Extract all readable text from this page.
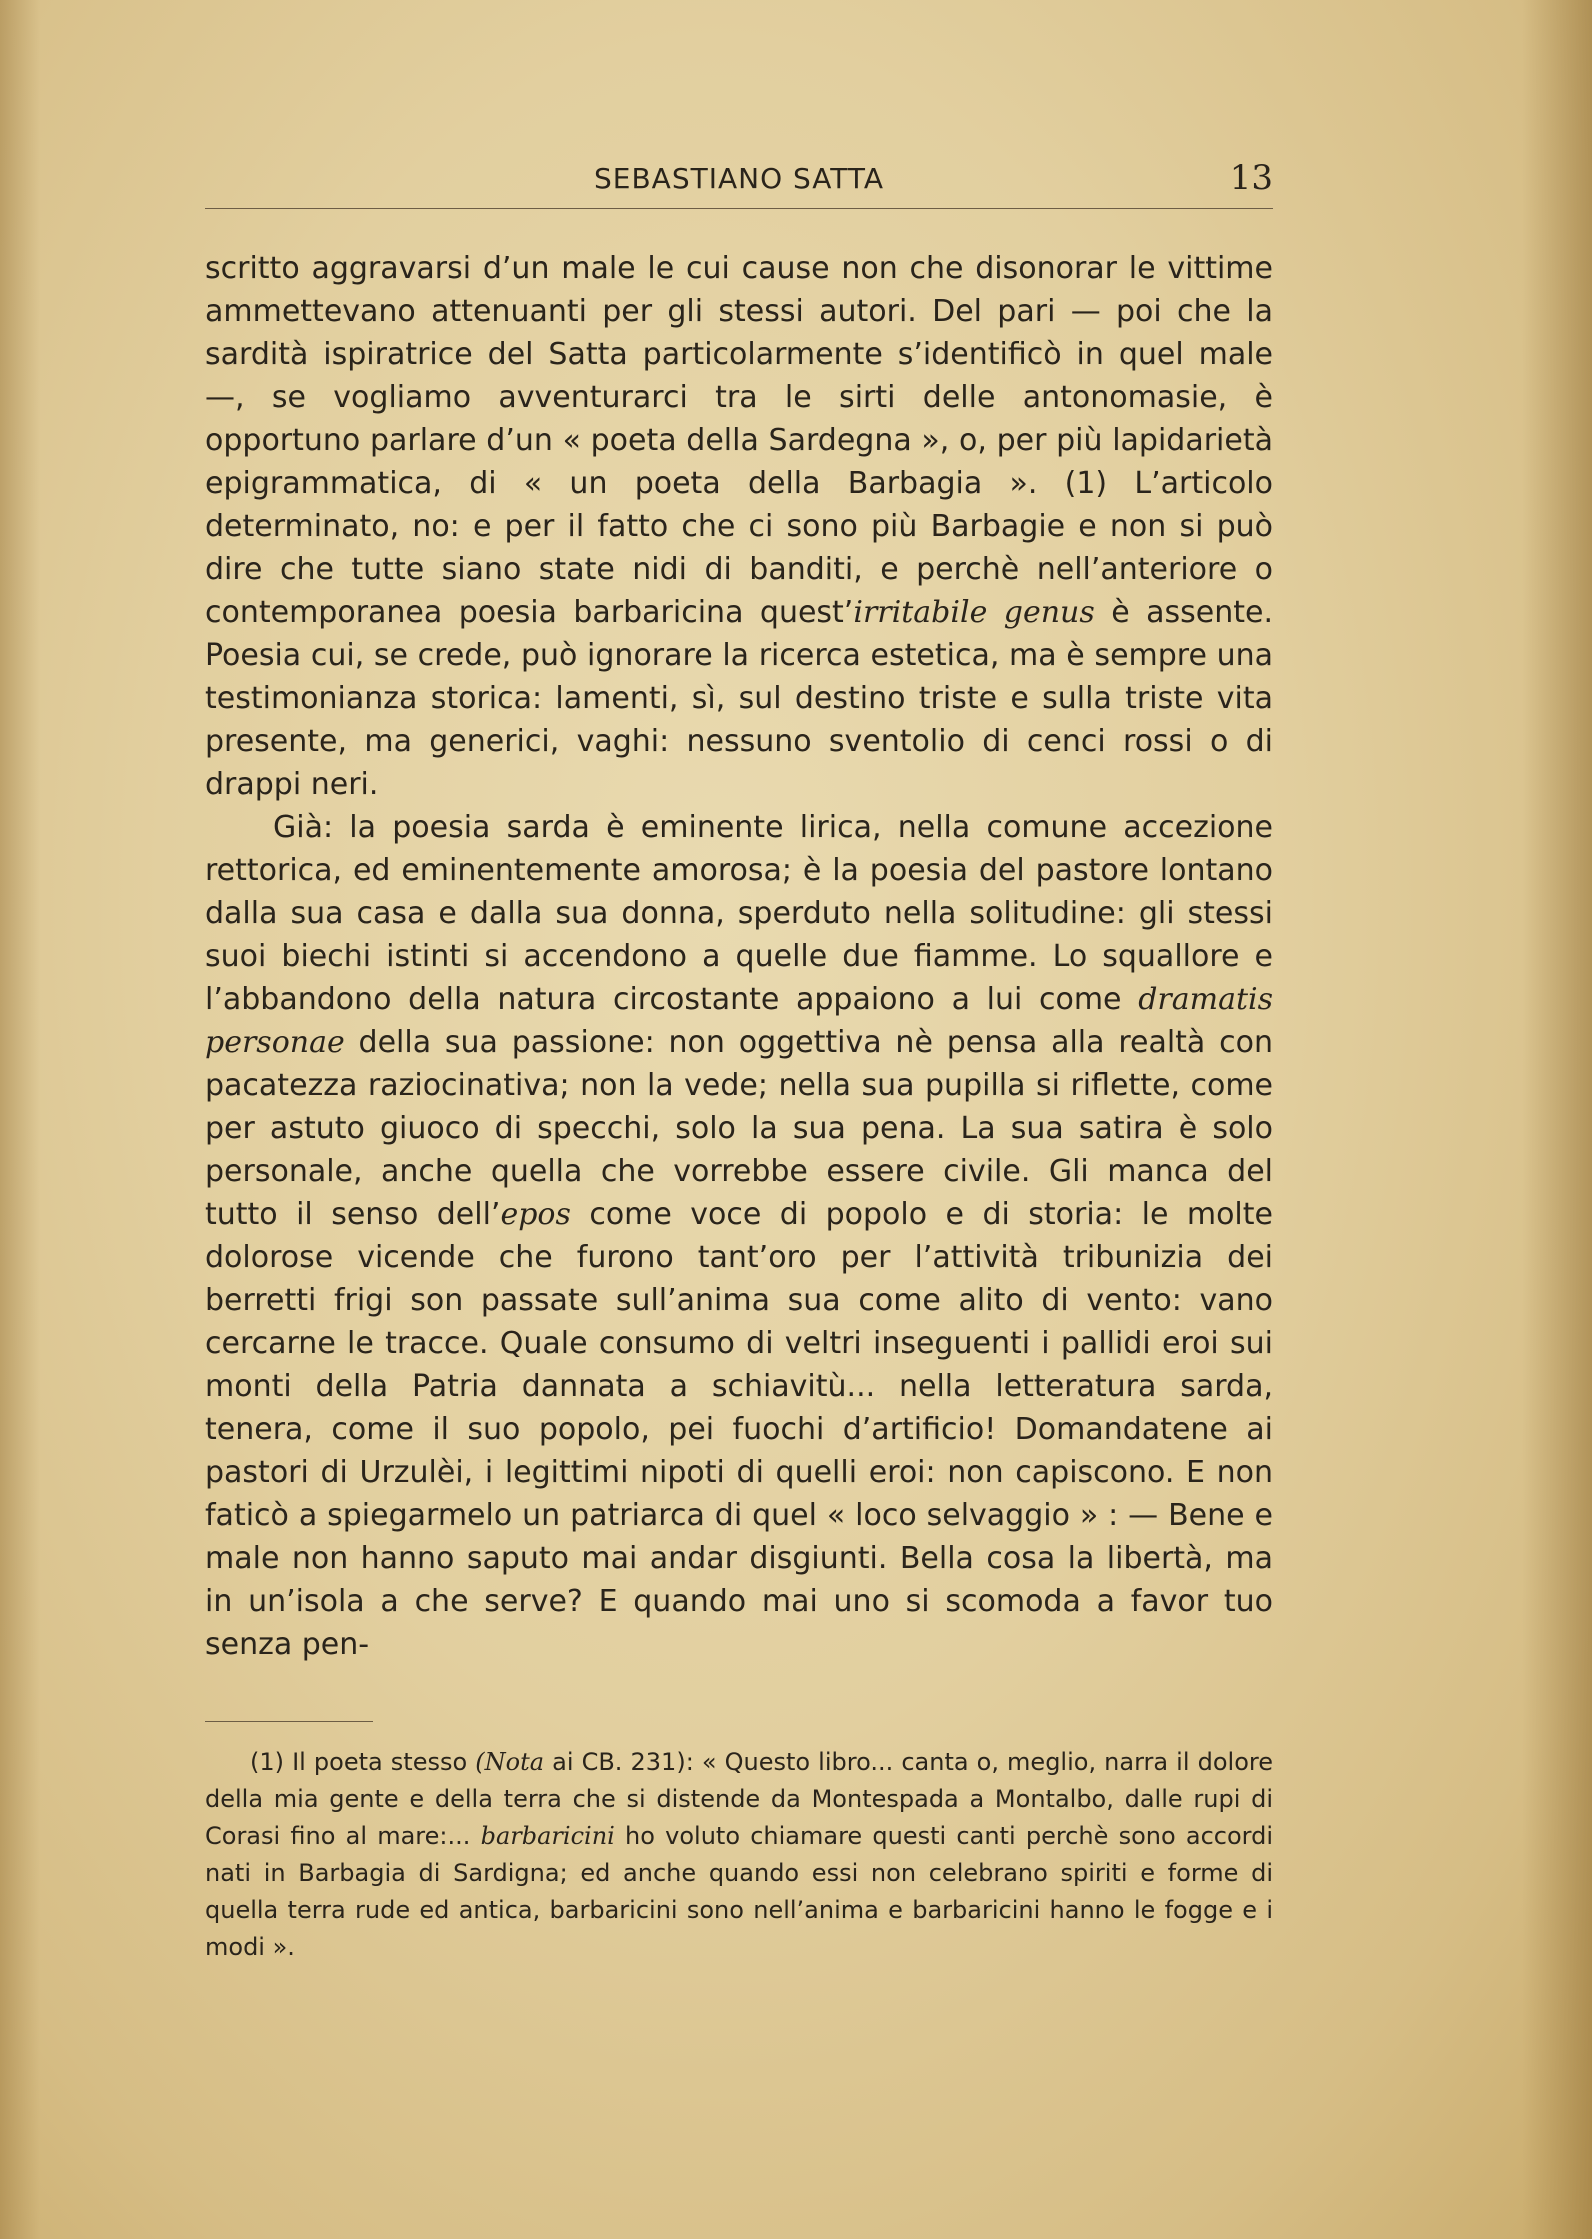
SEBASTIANO SATTA	13

scritto aggravarsi d’un male le cui cause non che disonorar le vittime ammettevano attenuanti per gli stessi autori. Del pari — poi che la sardità ispiratrice del Satta particolarmente s’identificò in quel male —, se vogliamo avventurarci tra le sirti delle antonomasie, è opportuno parlare d’un « poeta della Sardegna », o, per più lapidarietà epigrammatica, di « un poeta della Barbagia ». (1) L’articolo determinato, no: e per il fatto che ci sono più Barbagie e non si può dire che tutte siano state nidi di banditi, e perchè nell’anteriore o contemporanea poesia barbaricina quest’irritabile genus è assente. Poesia cui, se crede, può ignorare la ricerca estetica, ma è sempre una testimonianza storica: lamenti, sì, sul destino triste e sulla triste vita presente, ma generici, vaghi: nessuno sventolio di cenci rossi o di drappi neri.

Già: la poesia sarda è eminente lirica, nella comune accezione rettorica, ed eminentemente amorosa; è la poesia del pastore lontano dalla sua casa e dalla sua donna, sperduto nella solitudine: gli stessi suoi biechi istinti si accendono a quelle due fiamme. Lo squallore e l’abbandono della natura circostante appaiono a lui come dramatis personae della sua passione: non oggettiva nè pensa alla realtà con pacatezza raziocinativa; non la vede; nella sua pupilla si riflette, come per astuto giuoco di specchi, solo la sua pena. La sua satira è solo personale, anche quella che vorrebbe essere civile. Gli manca del tutto il senso dell’epos come voce di popolo e di storia: le molte dolorose vicende che furono tant’oro per l’attività tribunizia dei berretti frigi son passate sull’anima sua come alito di vento: vano cercarne le tracce. Quale consumo di veltri inseguenti i pallidi eroi sui monti della Patria dannata a schiavitù... nella letteratura sarda, tenera, come il suo popolo, pei fuochi d’artificio! Domandatene ai pastori di Urzulèi, i legittimi nipoti di quelli eroi: non capiscono. E non faticò a spiegarmelo un patriarca di quel « loco selvaggio » : — Bene e male non hanno saputo mai andar disgiunti. Bella cosa la libertà, ma in un’isola a che serve? E quando mai uno si scomoda a favor tuo senza pen-

(1) Il poeta stesso (Nota ai CB. 231): « Questo libro... canta o, meglio, narra il dolore della mia gente e della terra che si distende da Montespada a Montalbo, dalle rupi di Corasi fino al mare:... barbaricini ho voluto chiamare questi canti perchè sono accordi nati in Barbagia di Sardigna; ed anche quando essi non celebrano spiriti e forme di quella terra rude ed antica, barbaricini sono nell’anima e barbaricini hanno le fogge e i modi ».
